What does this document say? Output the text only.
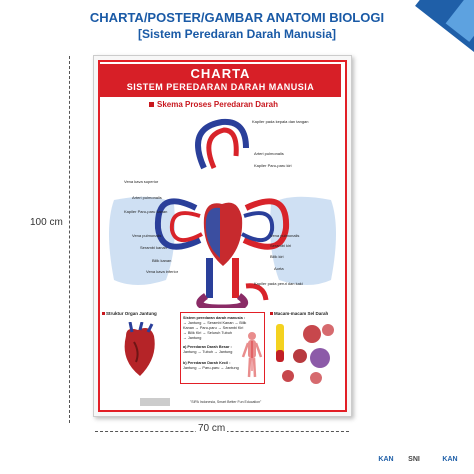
CHARTA/POSTER/GAMBAR ANATOMI BIOLOGI
[Sistem Peredaran Darah Manusia]
100 cm
70 cm
CHARTA
SISTEM PEREDARAN DARAH MANUSIA
Skema Proses Peredaran Darah
Vena kava superior
Arteri pulmonalis
Kapiler Paru-paru kanan
Vena pulmonalis
Serambi kanan
Bilik kanan
Vena kava inferior
Kapiler pada kepala dan tangan
Arteri pulmonalis
Kapiler Paru-paru kiri
Vena pulmonalis
Serambi kiri
Bilik kiri
Aorta
Kapiler pada perut dan kaki
Struktur Organ Jantung
Sistem peredaran darah manusia :
→ Jantung → Serambi Kanan → Bilik
Kanan → Paru-paru → Serambi Kiri
→ Bilik Kiri → Seluruh Tubuh
→ Jantung
a) Peredaran Darah Besar :
Jantung → Tubuh → Jantung
b) Peredaran Darah Kecil :
Jantung → Paru-paru → Jantung
Macam-macam Sel Darah
"SIPA Indonesia, Smart Better Fun Education"
KAN	SNI	KAN
